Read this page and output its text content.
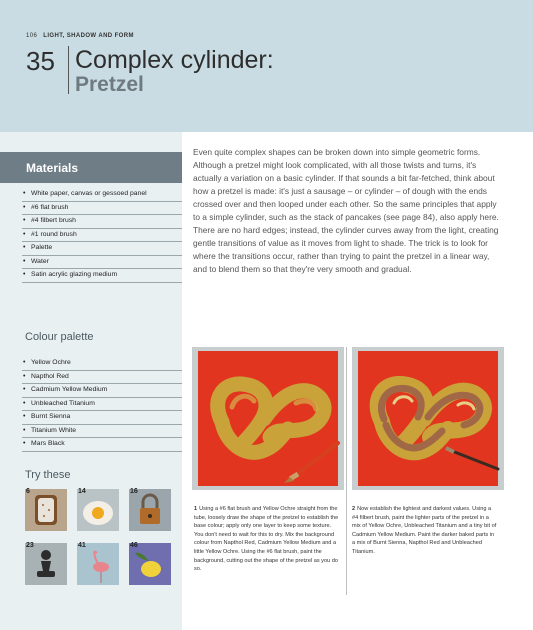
106 LIGHT, SHADOW AND FORM
35 Complex cylinder:
Pretzel
Materials
• White paper, canvas or gessoed panel
• #6 flat brush
• #4 filbert brush
• #1 round brush
• Palette
• Water
• Satin acrylic glazing medium
Colour palette
• Yellow Ochre
• Napthol Red
• Cadmium Yellow Medium
• Unbleached Titanium
• Burnt Sienna
• Titanium White
• Mars Black
Try these
6	14	16
23	41	46

Even quite complex shapes can be broken down into simple geometric forms. Although a pretzel might look complicated, with all those twists and turns, it's actually a variation on a basic cylinder. If that sounds a bit far-fetched, think about how a pretzel is made: it's just a sausage – or cylinder – of dough with the ends crossed over and then looped under each other. So the same principles that apply to a simple cylinder, such as the stack of pancakes (see page 84), also apply here. There are no hard edges; instead, the cylinder curves away from the light, creating gentle transitions of value as it moves from light to shade. The trick is to look for where the transitions occur, rather than trying to paint the pretzel in a linear way, and to blend them so that they're very smooth and gradual.

1 Using a #6 flat brush and Yellow Ochre straight from the tube, loosely draw the shape of the pretzel to establish the base colour; apply only one layer to keep some texture. You don't need to wait for this to dry. Mix the background colour from Napthol Red, Cadmium Yellow Medium and a little Yellow Ochre. Using the #6 flat brush, paint the background, cutting out the shape of the pretzel as you do so.

2 Now establish the lightest and darkest values. Using a #4 filbert brush, paint the lighter parts of the pretzel in a mix of Yellow Ochre, Unbleached Titanium and a tiny bit of Cadmium Yellow Medium. Paint the darker baked parts in a mix of Burnt Sienna, Napthol Red and Unbleached Titanium.
